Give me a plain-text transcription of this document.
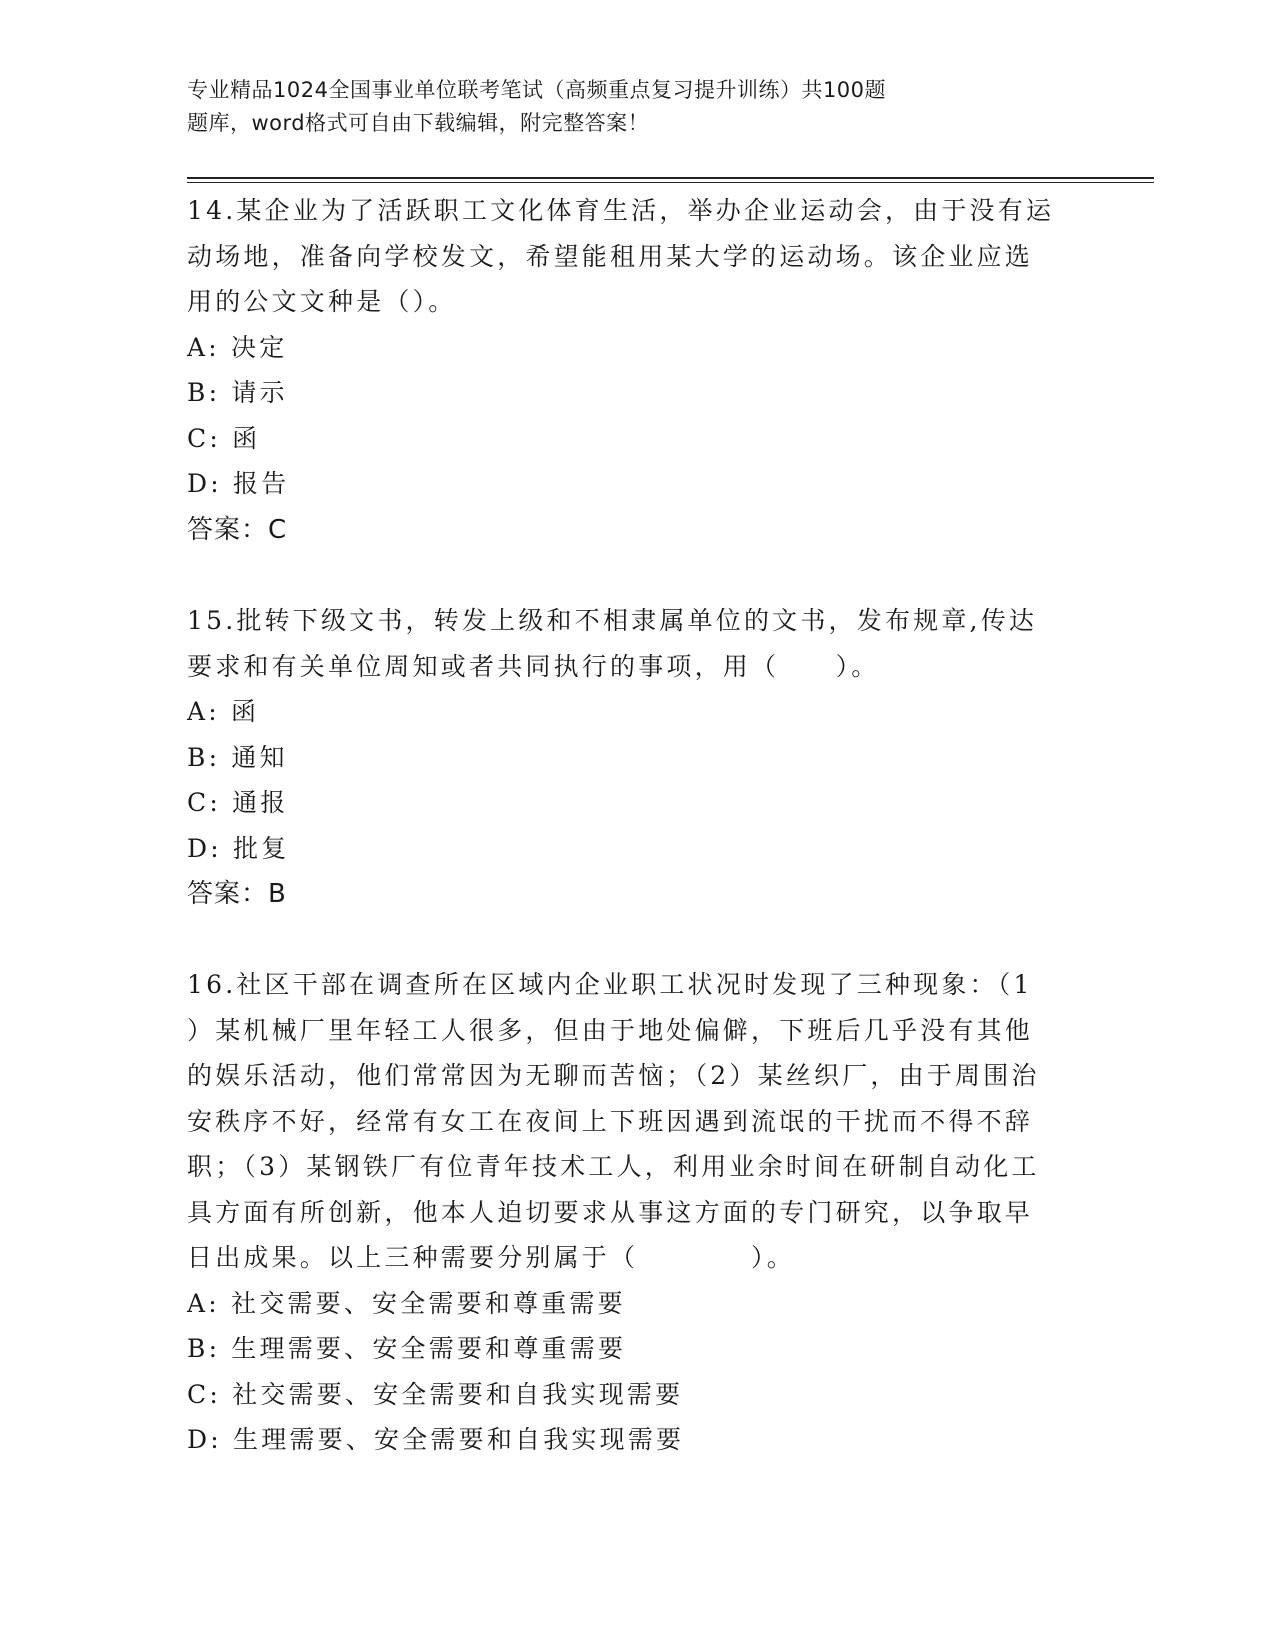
专业精品1024全国事业单位联考笔试（高频重点复习提升训练）共100题
题库，word格式可自由下载编辑，附完整答案！
14.某企业为了活跃职工文化体育生活，举办企业运动会，由于没有运
动场地，准备向学校发文，希望能租用某大学的运动场。该企业应选
用的公文文种是（）。
A: 决定
B: 请示
C: 函
D: 报告
答案：C
15.批转下级文书，转发上级和不相隶属单位的文书，发布规章,传达
要求和有关单位周知或者共同执行的事项，用（　　）。
A: 函
B: 通知
C: 通报
D: 批复
答案：B
16.社区干部在调查所在区域内企业职工状况时发现了三种现象：（1
）某机械厂里年轻工人很多，但由于地处偏僻，下班后几乎没有其他
的娱乐活动，他们常常因为无聊而苦恼；（2）某丝织厂，由于周围治
安秩序不好，经常有女工在夜间上下班因遇到流氓的干扰而不得不辞
职；（3）某钢铁厂有位青年技术工人，利用业余时间在研制自动化工
具方面有所创新，他本人迫切要求从事这方面的专门研究，以争取早
日出成果。以上三种需要分别属于（　　　　）。
A: 社交需要、安全需要和尊重需要
B: 生理需要、安全需要和尊重需要
C: 社交需要、安全需要和自我实现需要
D: 生理需要、安全需要和自我实现需要
